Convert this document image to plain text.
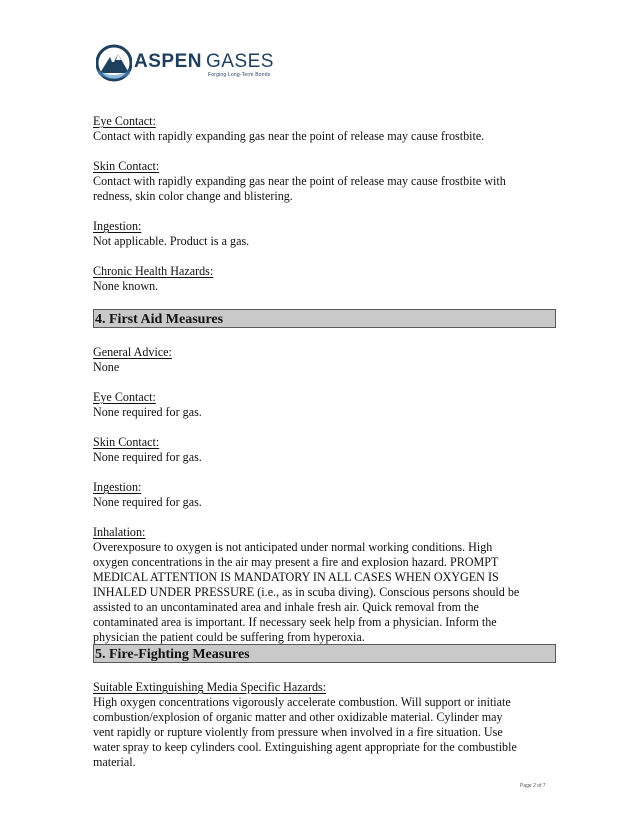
ASPEN GASES
Forging Long-Term Bonds
Eye Contact:
Contact with rapidly expanding gas near the point of release may cause frostbite.
Skin Contact:
Contact with rapidly expanding gas near the point of release may cause frostbite with
redness, skin color change and blistering.
Ingestion:
Not applicable. Product is a gas.
Chronic Health Hazards:
None known.
4. First Aid Measures
General Advice:
None
Eye Contact:
None required for gas.
Skin Contact:
None required for gas.
Ingestion:
None required for gas.
Inhalation:
Overexposure to oxygen is not anticipated under normal working conditions. High
oxygen concentrations in the air may present a fire and explosion hazard. PROMPT
MEDICAL ATTENTION IS MANDATORY IN ALL CASES WHEN OXYGEN IS
INHALED UNDER PRESSURE (i.e., as in scuba diving). Conscious persons should be
assisted to an uncontaminated area and inhale fresh air. Quick removal from the
contaminated area is important. If necessary seek help from a physician. Inform the
physician the patient could be suffering from hyperoxia.
5. Fire-Fighting Measures
Suitable Extinguishing Media Specific Hazards:
High oxygen concentrations vigorously accelerate combustion. Will support or initiate
combustion/explosion of organic matter and other oxidizable material. Cylinder may
vent rapidly or rupture violently from pressure when involved in a fire situation. Use
water spray to keep cylinders cool. Extinguishing agent appropriate for the combustible
material.
Page 2 of 7
